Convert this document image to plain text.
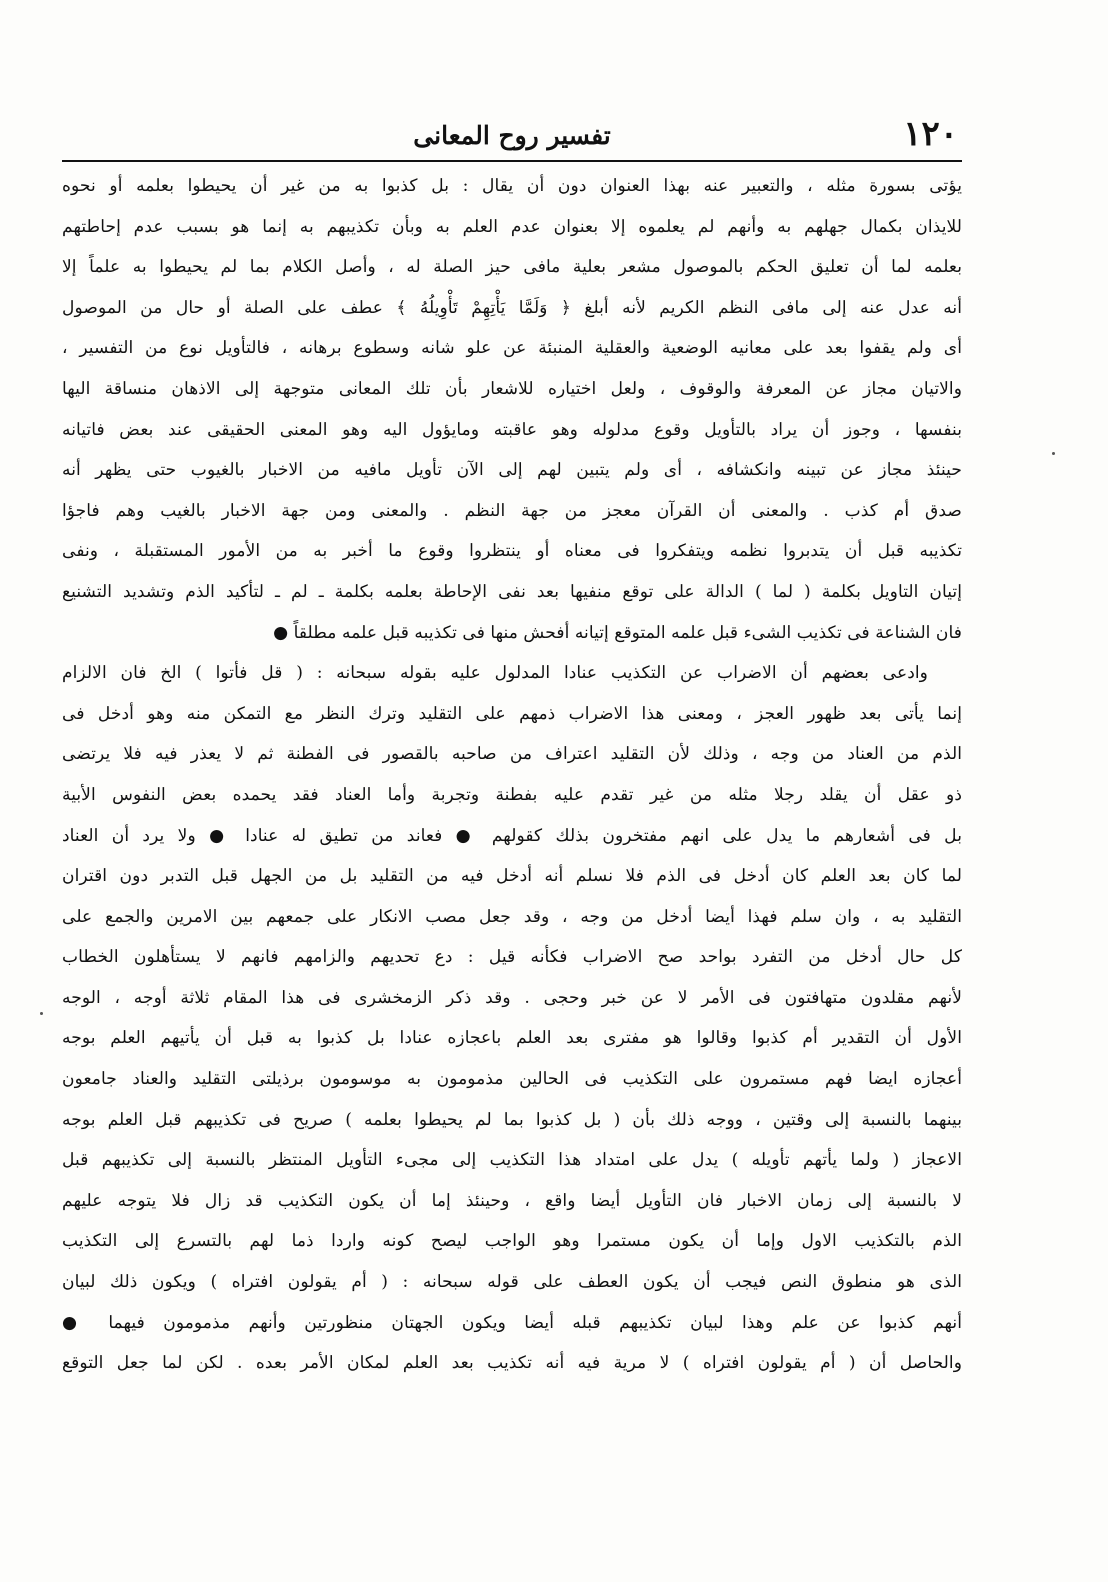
١٢٠
تفسير روح المعانى
يؤتى بسورة مثله ، والتعبير عنه بهذا العنوان دون أن يقال : بل كذبوا به من غير أن يحيطوا بعلمه أو نحوه
للايذان بكمال جهلهم به وأنهم لم يعلموه إلا بعنوان عدم العلم به وبأن تكذيبهم به إنما هو بسبب عدم إحاطتهم
بعلمه لما أن تعليق الحكم بالموصول مشعر بعلية مافى حيز الصلة له ، وأصل الكلام بما لم يحيطوا به علماً إلا
أنه عدل عنه إلى مافى النظم الكريم لأنه أبلغ ﴿ وَلَمَّا يَأْتِهِمْ تَأْوِيلُهُ ﴾ عطف على الصلة أو حال من الموصول
أى ولم يقفوا بعد على معانيه الوضعية والعقلية المنبئة عن علو شانه وسطوع برهانه ، فالتأويل نوع من التفسير ،
والاتيان مجاز عن المعرفة والوقوف ، ولعل اختياره للاشعار بأن تلك المعانى متوجهة إلى الاذهان منساقة اليها
بنفسها ، وجوز أن يراد بالتأويل وقوع مدلوله وهو عاقبته ومايؤول اليه وهو المعنى الحقيقى عند بعض فاتيانه
حينئذ مجاز عن تبينه وانكشافه ، أى ولم يتبين لهم إلى الآن تأويل مافيه من الاخبار بالغيوب حتى يظهر أنه
صدق أم كذب . والمعنى أن القرآن معجز من جهة النظم . والمعنى ومن جهة الاخبار بالغيب وهم فاجؤا
تكذيبه قبل أن يتدبروا نظمه ويتفكروا فى معناه أو ينتظروا وقوع ما أخبر به من الأمور المستقبلة ، ونفى
إتيان التاويل بكلمة ( لما ) الدالة على توقع منفيها بعد نفى الإحاطة بعلمه بكلمة ـ لم ـ لتأكيد الذم وتشديد التشنيع
فان الشناعة فى تكذيب الشىء قبل علمه المتوقع إتيانه أفحش منها فى تكذيبه قبل علمه مطلقاً ●
وادعى بعضهم أن الاضراب عن التكذيب عنادا المدلول عليه بقوله سبحانه : ( قل فأتوا ) الخ فان الالزام
إنما يأتى بعد ظهور العجز ، ومعنى هذا الاضراب ذمهم على التقليد وترك النظر مع التمكن منه وهو أدخل فى
الذم من العناد من وجه ، وذلك لأن التقليد اعتراف من صاحبه بالقصور فى الفطنة ثم لا يعذر فيه فلا يرتضى
ذو عقل أن يقلد رجلا مثله من غير تقدم عليه بفطنة وتجربة وأما العناد فقد يحمده بعض النفوس الأبية
بل فى أشعارهم ما يدل على انهم مفتخرون بذلك كقولهم ● فعاند من تطيق له عنادا ● ولا يرد أن العناد
لما كان بعد العلم كان أدخل فى الذم فلا نسلم أنه أدخل فيه من التقليد بل من الجهل قبل التدبر دون اقتران
التقليد به ، وان سلم فهذا أيضا أدخل من وجه ، وقد جعل مصب الانكار على جمعهم بين الامرين والجمع على
كل حال أدخل من التفرد بواحد صح الاضراب فكأنه قيل : دع تحديهم والزامهم فانهم لا يستأهلون الخطاب
لأنهم مقلدون متهافتون فى الأمر لا عن خبر وحجى . وقد ذكر الزمخشرى فى هذا المقام ثلاثة أوجه ، الوجه
الأول أن التقدير أم كذبوا وقالوا هو مفترى بعد العلم باعجازه عنادا بل كذبوا به قبل أن يأتيهم العلم بوجه
أعجازه ايضا فهم مستمرون على التكذيب فى الحالين مذمومون به موسومون برذيلتى التقليد والعناد جامعون
بينهما بالنسبة إلى وقتين ، ووجه ذلك بأن ( بل كذبوا بما لم يحيطوا بعلمه ) صريح فى تكذيبهم قبل العلم بوجه
الاعجاز ( ولما يأتهم تأويله ) يدل على امتداد هذا التكذيب إلى مجىء التأويل المنتظر بالنسبة إلى تكذيبهم قبل
لا بالنسبة إلى زمان الاخبار فان التأويل أيضا واقع ، وحينئذ إما أن يكون التكذيب قد زال فلا يتوجه عليهم
الذم بالتكذيب الاول وإما أن يكون مستمرا وهو الواجب ليصح كونه واردا ذما لهم بالتسرع إلى التكذيب
الذى هو منطوق النص فيجب أن يكون العطف على قوله سبحانه : ( أم يقولون افتراه ) ويكون ذلك لبيان
أنهم كذبوا عن علم وهذا لبيان تكذيبهم قبله أيضا ويكون الجهتان منظورتين وأنهم مذمومون فيهما ●
والحاصل أن ( أم يقولون افتراه ) لا مرية فيه أنه تكذيب بعد العلم لمكان الأمر بعده . لكن لما جعل التوقع
